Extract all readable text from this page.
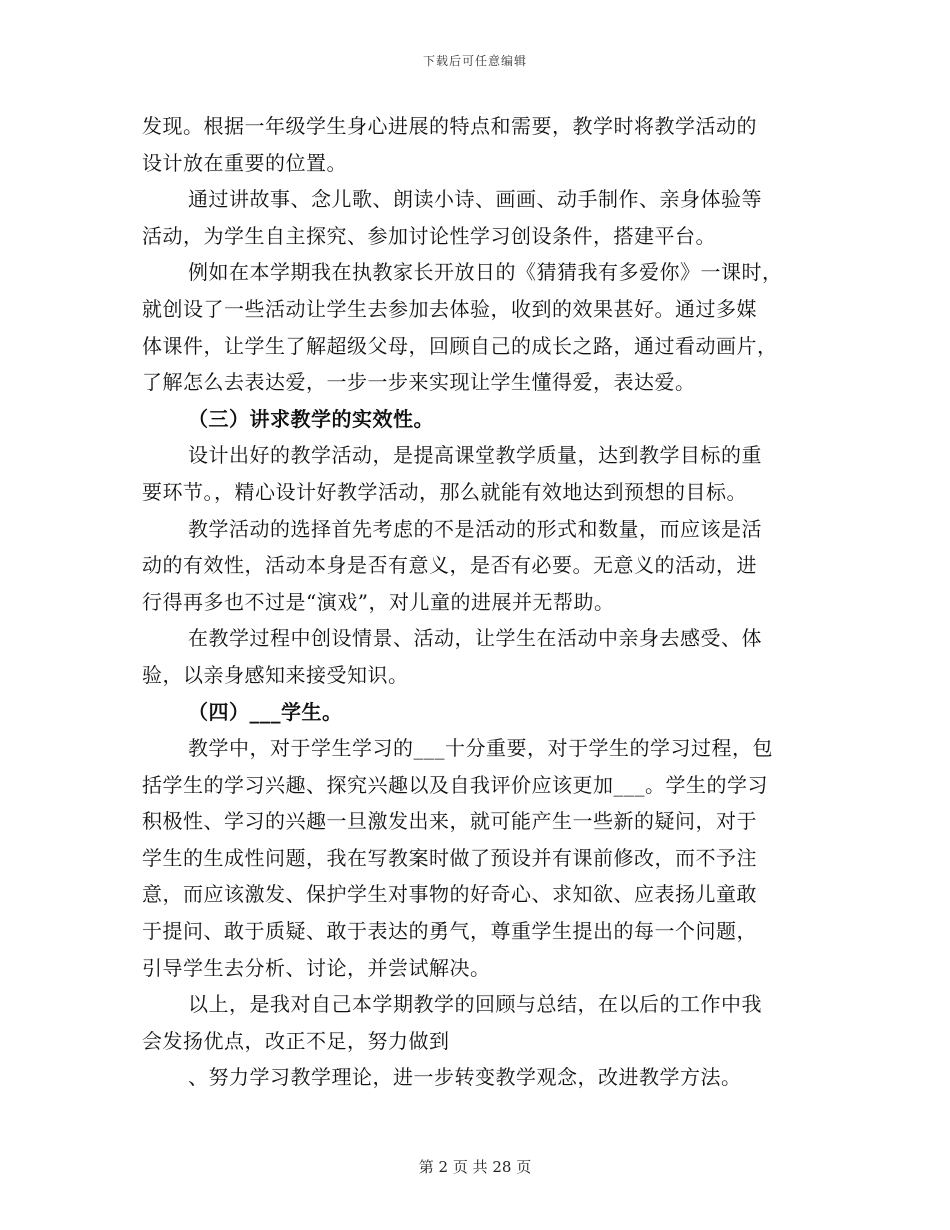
下载后可任意编辑
发现。根据一年级学生身心进展的特点和需要，教学时将教学活动的
设计放在重要的位置。
通过讲故事、念儿歌、朗读小诗、画画、动手制作、亲身体验等
活动，为学生自主探究、参加讨论性学习创设条件，搭建平台。
例如在本学期我在执教家长开放日的《猜猜我有多爱你》一课时，
就创设了一些活动让学生去参加去体验，收到的效果甚好。通过多媒
体课件，让学生了解超级父母，回顾自己的成长之路，通过看动画片，
了解怎么去表达爱，一步一步来实现让学生懂得爱，表达爱。
（三）讲求教学的实效性。
设计出好的教学活动，是提高课堂教学质量，达到教学目标的重
要环节。，精心设计好教学活动，那么就能有效地达到预想的目标。
教学活动的选择首先考虑的不是活动的形式和数量，而应该是活
动的有效性，活动本身是否有意义，是否有必要。无意义的活动，进
行得再多也不过是“演戏”，对儿童的进展并无帮助。
在教学过程中创设情景、活动，让学生在活动中亲身去感受、体
验，以亲身感知来接受知识。
（四）___学生。
教学中，对于学生学习的___十分重要，对于学生的学习过程，包
括学生的学习兴趣、探究兴趣以及自我评价应该更加___。学生的学习
积极性、学习的兴趣一旦激发出来，就可能产生一些新的疑问，对于
学生的生成性问题，我在写教案时做了预设并有课前修改，而不予注
意，而应该激发、保护学生对事物的好奇心、求知欲、应表扬儿童敢
于提问、敢于质疑、敢于表达的勇气，尊重学生提出的每一个问题，
引导学生去分析、讨论，并尝试解决。
以上，是我对自己本学期教学的回顾与总结，在以后的工作中我
会发扬优点，改正不足，努力做到
、努力学习教学理论，进一步转变教学观念，改进教学方法。
第 2 页 共 28 页
